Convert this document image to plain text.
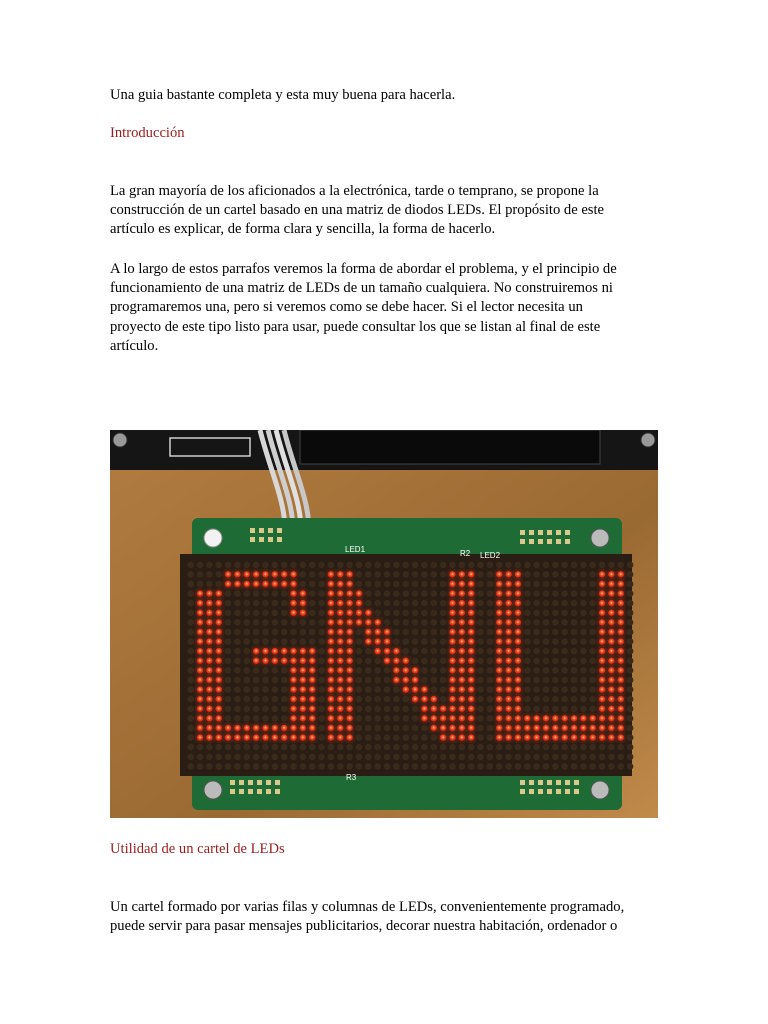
Una guia bastante completa y esta muy buena para hacerla.

Introducción

La gran mayoría de los aficionados a la electrónica, tarde o temprano, se propone la

construcción de un cartel basado en una matriz de diodos LEDs. El propósito de este

artículo es explicar, de forma clara y sencilla, la forma de hacerlo.

A lo largo de estos parrafos veremos la forma de abordar el problema, y el principio de

funcionamiento de una matriz de LEDs de un tamaño cualquiera. No construiremos ni

programaremos una, pero si veremos como se debe hacer. Si el lector necesita un

proyecto de este tipo listo para usar, puede consultar los que se listan al final de este

artículo.

LED1	R2 LED2
R3

Utilidad de un cartel de LEDs

Un cartel formado por varias filas y columnas de LEDs, convenientemente programado,

puede servir para pasar mensajes publicitarios, decorar nuestra habitación, ordenador o
